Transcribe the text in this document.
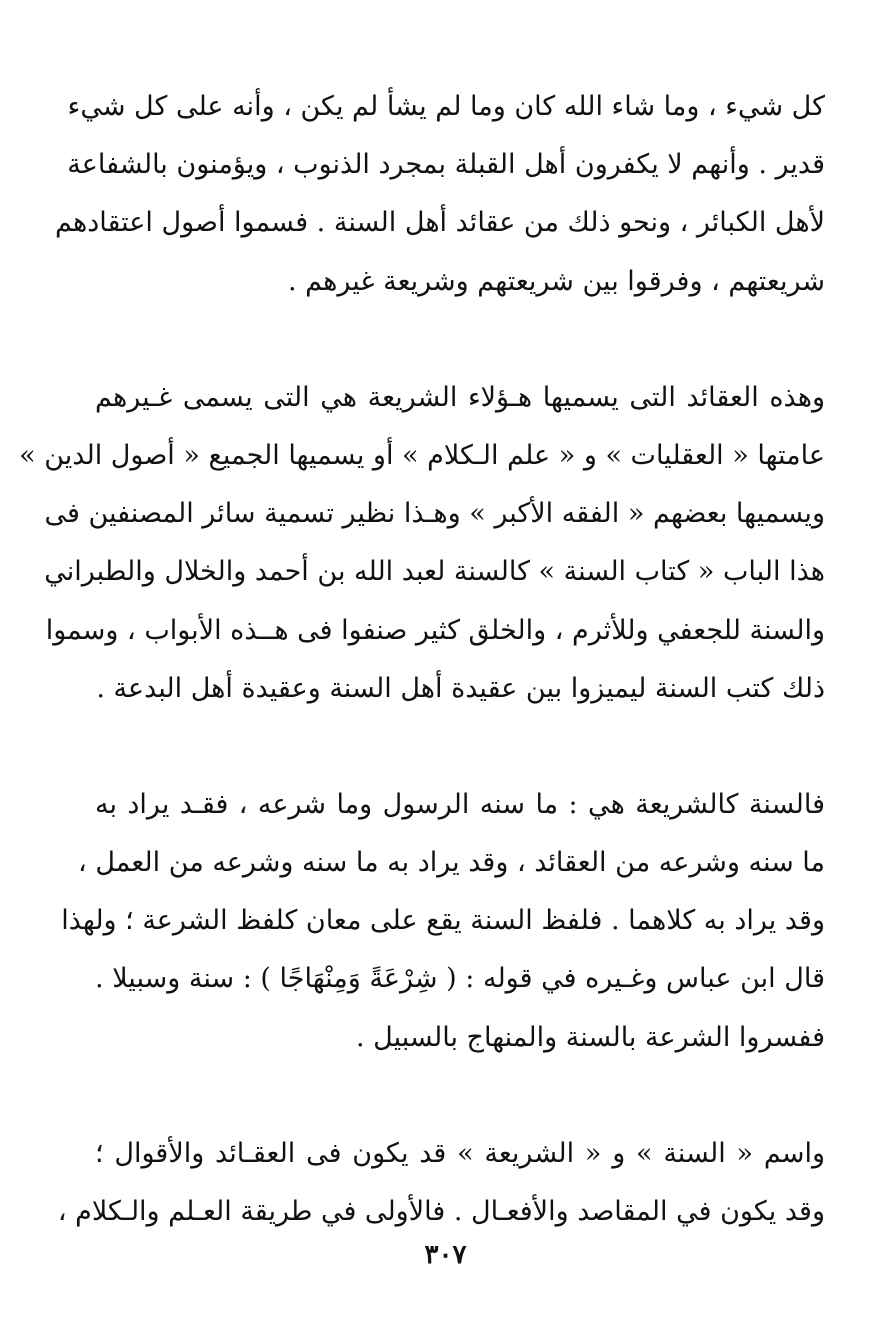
كل شيء ، وما شاء الله كان وما لم يشأ لم يكن ، وأنه على كل شيء
قدير . وأنهم لا يكفرون أهل القبلة بمجرد الذنوب ، ويؤمنون بالشفاعة
لأهل الكبائر ، ونحو ذلك من عقائد أهل السنة . فسموا أصول اعتقادهم
شريعتهم ، وفرقوا بين شريعتهم وشريعة غيرهم .
وهذه العقائد التى يسميها هـؤلاء الشريعة هي التى يسمى غـيرهم
عامتها « العقليات » و « علم الـكلام » أو يسميها الجميع « أصول الدين »
ويسميها بعضهم « الفقه الأكبر » وهـذا نظير تسمية سائر المصنفين فى
هذا الباب « كتاب السنة » كالسنة لعبد الله بن أحمد والخلال والطبراني
والسنة للجعفي وللأثرم ، والخلق كثير صنفوا فى هــذه الأبواب ، وسموا
ذلك كتب السنة ليميزوا بين عقيدة أهل السنة وعقيدة أهل البدعة .
فالسنة كالشريعة هي : ما سنه الرسول وما شرعه ، فقـد يراد به
ما سنه وشرعه من العقائد ، وقد يراد به ما سنه وشرعه من العمل ،
وقد يراد به كلاهما . فلفظ السنة يقع على معان كلفظ الشرعة ؛ ولهذا
قال ابن عباس وغـيره في قوله : ( شِرْعَةً وَمِنْهَاجًا ) : سنة وسبيلا .
ففسروا الشرعة بالسنة والمنهاج بالسبيل .
واسم « السنة » و « الشريعة » قد يكون فى العقـائد والأقوال ؛
وقد يكون في المقاصد والأفعـال . فالأولى في طريقة العـلم والـكلام ،
٣٠٧
